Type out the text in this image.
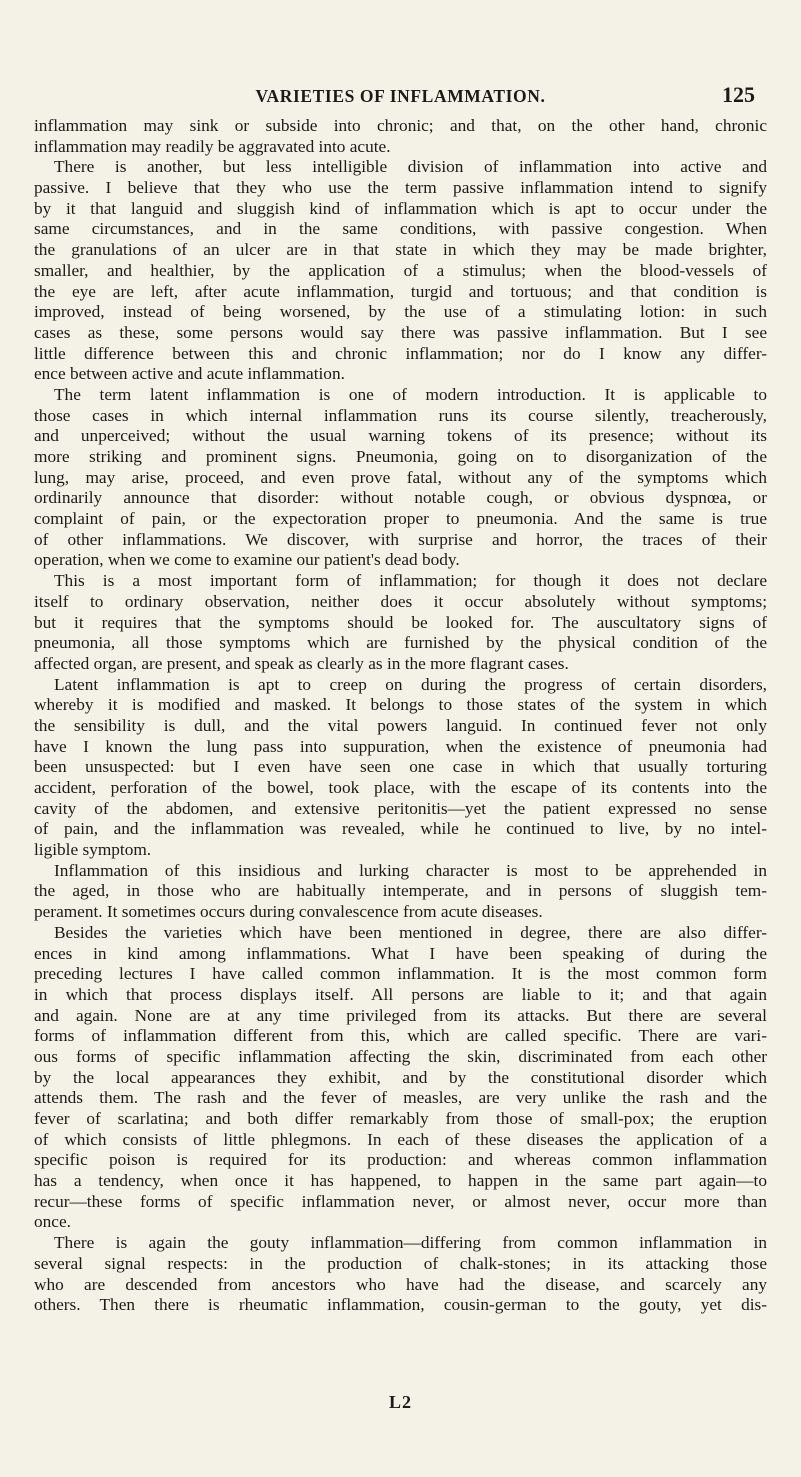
VARIETIES OF INFLAMMATION.	125
inflammation may sink or subside into chronic; and that, on the other hand, chronic
inflammation may readily be aggravated into acute.
There is another, but less intelligible division of inflammation into active and
passive. I believe that they who use the term passive inflammation intend to signify
by it that languid and sluggish kind of inflammation which is apt to occur under the
same circumstances, and in the same conditions, with passive congestion. When
the granulations of an ulcer are in that state in which they may be made brighter,
smaller, and healthier, by the application of a stimulus; when the blood-vessels of
the eye are left, after acute inflammation, turgid and tortuous; and that condition is
improved, instead of being worsened, by the use of a stimulating lotion: in such
cases as these, some persons would say there was passive inflammation. But I see
little difference between this and chronic inflammation; nor do I know any differ-
ence between active and acute inflammation.
The term latent inflammation is one of modern introduction. It is applicable to
those cases in which internal inflammation runs its course silently, treacherously,
and unperceived; without the usual warning tokens of its presence; without its
more striking and prominent signs. Pneumonia, going on to disorganization of the
lung, may arise, proceed, and even prove fatal, without any of the symptoms which
ordinarily announce that disorder: without notable cough, or obvious dyspnœa, or
complaint of pain, or the expectoration proper to pneumonia. And the same is true
of other inflammations. We discover, with surprise and horror, the traces of their
operation, when we come to examine our patient's dead body.
This is a most important form of inflammation; for though it does not declare
itself to ordinary observation, neither does it occur absolutely without symptoms;
but it requires that the symptoms should be looked for. The auscultatory signs of
pneumonia, all those symptoms which are furnished by the physical condition of the
affected organ, are present, and speak as clearly as in the more flagrant cases.
Latent inflammation is apt to creep on during the progress of certain disorders,
whereby it is modified and masked. It belongs to those states of the system in which
the sensibility is dull, and the vital powers languid. In continued fever not only
have I known the lung pass into suppuration, when the existence of pneumonia had
been unsuspected: but I even have seen one case in which that usually torturing
accident, perforation of the bowel, took place, with the escape of its contents into the
cavity of the abdomen, and extensive peritonitis—yet the patient expressed no sense
of pain, and the inflammation was revealed, while he continued to live, by no intel-
ligible symptom.
Inflammation of this insidious and lurking character is most to be apprehended in
the aged, in those who are habitually intemperate, and in persons of sluggish tem-
perament. It sometimes occurs during convalescence from acute diseases.
Besides the varieties which have been mentioned in degree, there are also differ-
ences in kind among inflammations. What I have been speaking of during the
preceding lectures I have called common inflammation. It is the most common form
in which that process displays itself. All persons are liable to it; and that again
and again. None are at any time privileged from its attacks. But there are several
forms of inflammation different from this, which are called specific. There are vari-
ous forms of specific inflammation affecting the skin, discriminated from each other
by the local appearances they exhibit, and by the constitutional disorder which
attends them. The rash and the fever of measles, are very unlike the rash and the
fever of scarlatina; and both differ remarkably from those of small-pox; the eruption
of which consists of little phlegmons. In each of these diseases the application of a
specific poison is required for its production: and whereas common inflammation
has a tendency, when once it has happened, to happen in the same part again—to
recur—these forms of specific inflammation never, or almost never, occur more than
once.
There is again the gouty inflammation—differing from common inflammation in
several signal respects: in the production of chalk-stones; in its attacking those
who are descended from ancestors who have had the disease, and scarcely any
others. Then there is rheumatic inflammation, cousin-german to the gouty, yet dis-
L2
